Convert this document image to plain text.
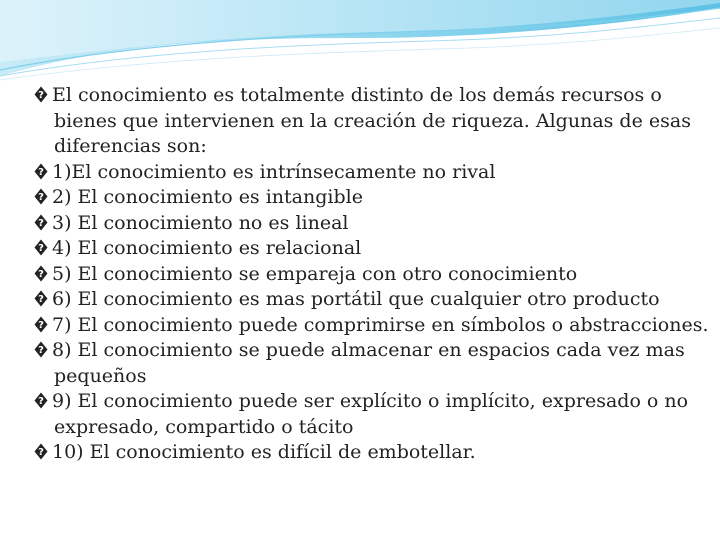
? El conocimiento es totalmente distinto de los demás recursos o bienes que intervienen en la creación de riqueza. Algunas de esas diferencias son:

? 1)El conocimiento es intrínsecamente no rival

? 2) El conocimiento es intangible

? 3) El conocimiento no es lineal

? 4) El conocimiento es relacional

? 5) El conocimiento se empareja con otro conocimiento

? 6) El conocimiento es mas portátil que cualquier otro producto

? 7) El conocimiento puede comprimirse en símbolos o abstracciones.

? 8) El conocimiento se puede almacenar en espacios cada vez mas pequeños

? 9) El conocimiento puede ser explícito o implícito, expresado o no expresado, compartido o tácito

? 10) El conocimiento es difícil de embotellar.
